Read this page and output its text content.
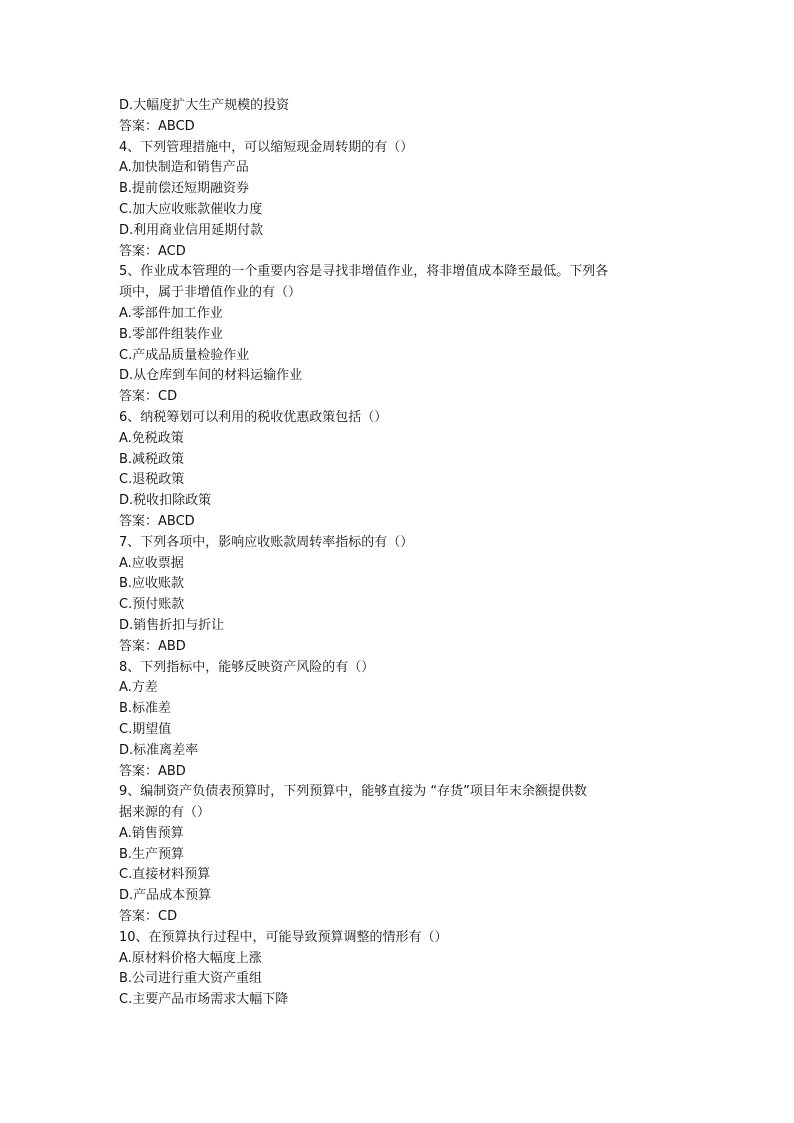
D.大幅度扩大生产规模的投资
答案：ABCD
4、下列管理措施中，可以缩短现金周转期的有（）
A.加快制造和销售产品
B.提前偿还短期融资券
C.加大应收账款催收力度
D.利用商业信用延期付款
答案：ACD
5、作业成本管理的一个重要内容是寻找非增值作业，将非增值成本降至最低。下列各
项中，属于非增值作业的有（）
A.零部件加工作业
B.零部件组装作业
C.产成品质量检验作业
D.从仓库到车间的材料运输作业
答案：CD
6、纳税筹划可以利用的税收优惠政策包括（）
A.免税政策
B.减税政策
C.退税政策
D.税收扣除政策
答案：ABCD
7、下列各项中，影响应收账款周转率指标的有（）
A.应收票据
B.应收账款
C.预付账款
D.销售折扣与折让
答案：ABD
8、下列指标中，能够反映资产风险的有（）
A.方差
B.标准差
C.期望值
D.标准离差率
答案：ABD
9、编制资产负债表预算时，下列预算中，能够直接为 “存货”项目年末余额提供数
据来源的有（）
A.销售预算
B.生产预算
C.直接材料预算
D.产品成本预算
答案：CD
10、在预算执行过程中，可能导致预算调整的情形有（）
A.原材料价格大幅度上涨
B.公司进行重大资产重组
C.主要产品市场需求大幅下降
